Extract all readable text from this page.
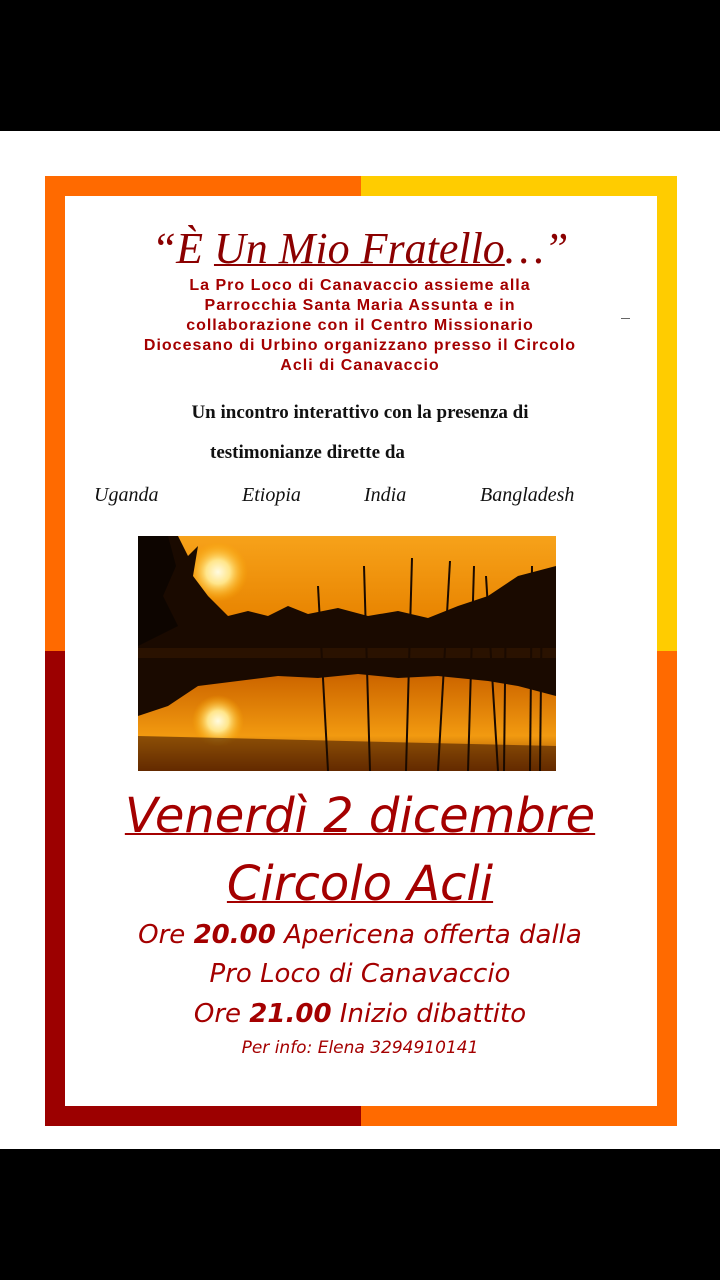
“È Un Mio Fratello…”
La Pro Loco di Canavaccio assieme alla
Parrocchia Santa Maria Assunta e in
collaborazione con il Centro Missionario
Diocesano di Urbino organizzano presso il Circolo
Acli di Canavaccio
Un incontro interattivo con la presenza di
testimonianze dirette da
Uganda	Etiopia	India	Bangladesh
Venerdì 2 dicembre
Circolo Acli
Ore 20.00 Apericena offerta dalla
Pro Loco di Canavaccio
Ore 21.00 Inizio dibattito
Per info: Elena 3294910141
